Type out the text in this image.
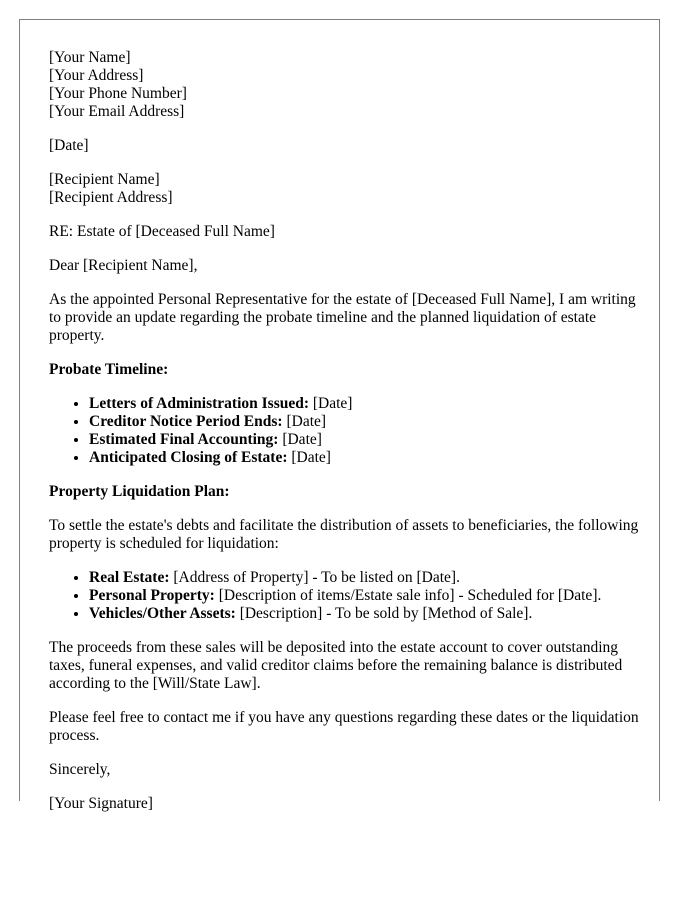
[Your Name]
[Your Address]
[Your Phone Number]
[Your Email Address]

[Date]

[Recipient Name]
[Recipient Address]

RE: Estate of [Deceased Full Name]

Dear [Recipient Name],

As the appointed Personal Representative for the estate of [Deceased Full Name], I am writing to provide an update regarding the probate timeline and the planned liquidation of estate property.

Probate Timeline:

• Letters of Administration Issued: [Date]
• Creditor Notice Period Ends: [Date]
• Estimated Final Accounting: [Date]
• Anticipated Closing of Estate: [Date]

Property Liquidation Plan:

To settle the estate's debts and facilitate the distribution of assets to beneficiaries, the following property is scheduled for liquidation:

• Real Estate: [Address of Property] - To be listed on [Date].
• Personal Property: [Description of items/Estate sale info] - Scheduled for [Date].
• Vehicles/Other Assets: [Description] - To be sold by [Method of Sale].

The proceeds from these sales will be deposited into the estate account to cover outstanding taxes, funeral expenses, and valid creditor claims before the remaining balance is distributed according to the [Will/State Law].

Please feel free to contact me if you have any questions regarding these dates or the liquidation process.

Sincerely,

[Your Signature]
